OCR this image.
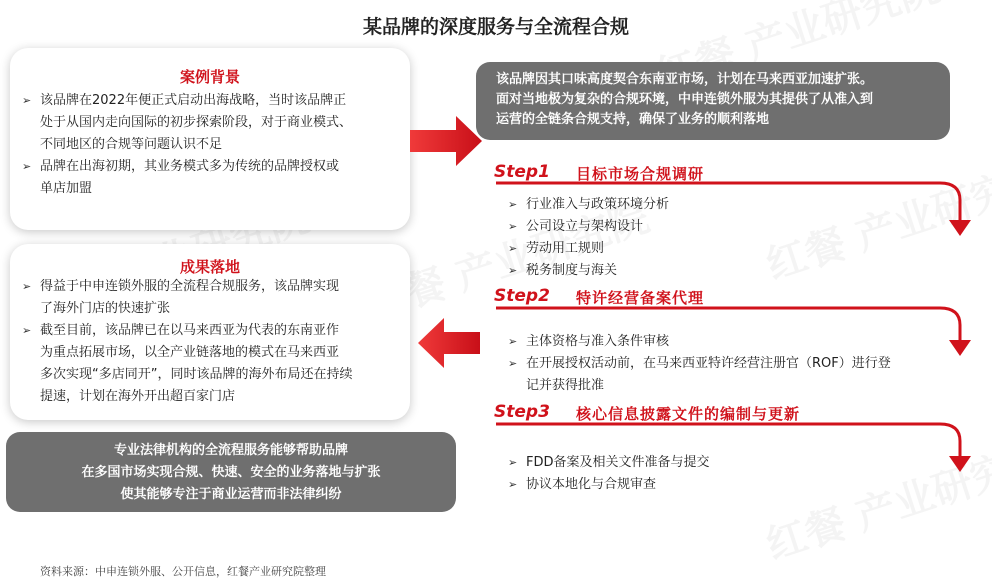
某品牌的深度服务与全流程合规
案例背景
➢ 该品牌在2022年便正式启动出海战略，当时该品牌正
处于从国内走向国际的初步探索阶段，对于商业模式、
不同地区的合规等问题认识不足
➢ 品牌在出海初期，其业务模式多为传统的品牌授权或
单店加盟
成果落地
➢ 得益于中申连锁外服的全流程合规服务，该品牌实现
了海外门店的快速扩张
➢ 截至目前，该品牌已在以马来西亚为代表的东南亚作
为重点拓展市场，以全产业链落地的模式在马来西亚
多次实现“多店同开”，同时该品牌的海外布局还在持续
提速，计划在海外开出超百家门店
专业法律机构的全流程服务能够帮助品牌
在多国市场实现合规、快速、安全的业务落地与扩张
使其能够专注于商业运营而非法律纠纷
该品牌因其口味高度契合东南亚市场，计划在马来西亚加速扩张。
面对当地极为复杂的合规环境，中申连锁外服为其提供了从准入到
运营的全链条合规支持，确保了业务的顺利落地
Step1 目标市场合规调研
➢ 行业准入与政策环境分析
➢ 公司设立与架构设计
➢ 劳动用工规则
➢ 税务制度与海关
Step2 特许经营备案代理
➢ 主体资格与准入条件审核
➢ 在开展授权活动前，在马来西亚特许经营注册官（ROF）进行登
记并获得批准
Step3 核心信息披露文件的编制与更新
➢ FDD备案及相关文件准备与提交
➢ 协议本地化与合规审查
资料来源：中申连锁外服、公开信息，红餐产业研究院整理
